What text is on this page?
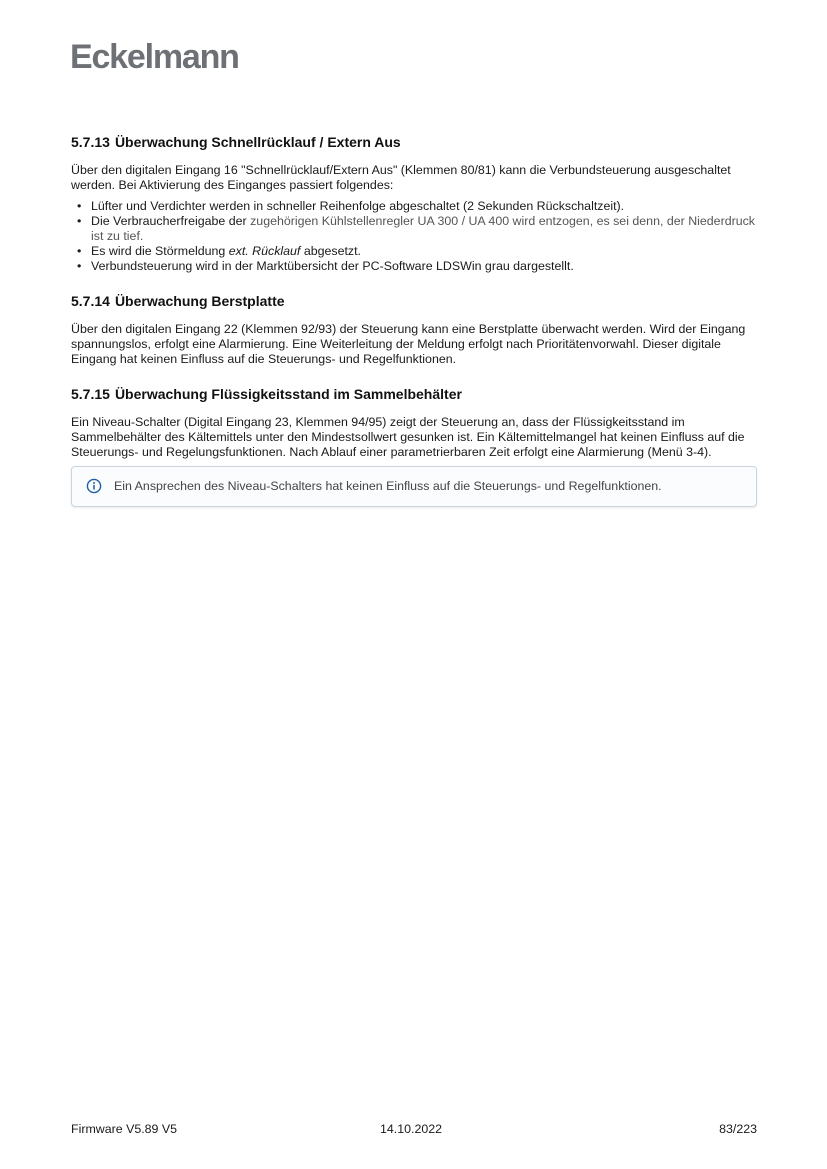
Eckelmann
5.7.13 Überwachung Schnellrücklauf / Extern Aus

Über den digitalen Eingang 16 "Schnellrücklauf/Extern Aus" (Klemmen 80/81) kann die Verbundsteuerung ausgeschaltet werden. Bei Aktivierung des Einganges passiert folgendes:

• Lüfter und Verdichter werden in schneller Reihenfolge abgeschaltet (2 Sekunden Rückschaltzeit).
• Die Verbraucherfreigabe der zugehörigen Kühlstellenregler UA 300 / UA 400 wird entzogen, es sei denn, der Niederdruck ist zu tief.
• Es wird die Störmeldung ext. Rücklauf abgesetzt.
• Verbundsteuerung wird in der Marktübersicht der PC-Software LDSWin grau dargestellt.
5.7.14 Überwachung Berstplatte

Über den digitalen Eingang 22 (Klemmen 92/93) der Steuerung kann eine Berstplatte überwacht werden. Wird der Eingang spannungslos, erfolgt eine Alarmierung. Eine Weiterleitung der Meldung erfolgt nach Prioritätenvorwahl. Dieser digitale Eingang hat keinen Einfluss auf die Steuerungs- und Regelfunktionen.

5.7.15 Überwachung Flüssigkeitsstand im Sammelbehälter

Ein Niveau-Schalter (Digital Eingang 23, Klemmen 94/95) zeigt der Steuerung an, dass der Flüssigkeitsstand im Sammelbehälter des Kältemittels unter den Mindestsollwert gesunken ist. Ein Kältemittelmangel hat keinen Einfluss auf die Steuerungs- und Regelungsfunktionen. Nach Ablauf einer parametrierbaren Zeit erfolgt eine Alarmierung (Menü 3-4).

Ein Ansprechen des Niveau-Schalters hat keinen Einfluss auf die Steuerungs- und Regelfunktionen.
Firmware V5.89 V5	14.10.2022	83/223
